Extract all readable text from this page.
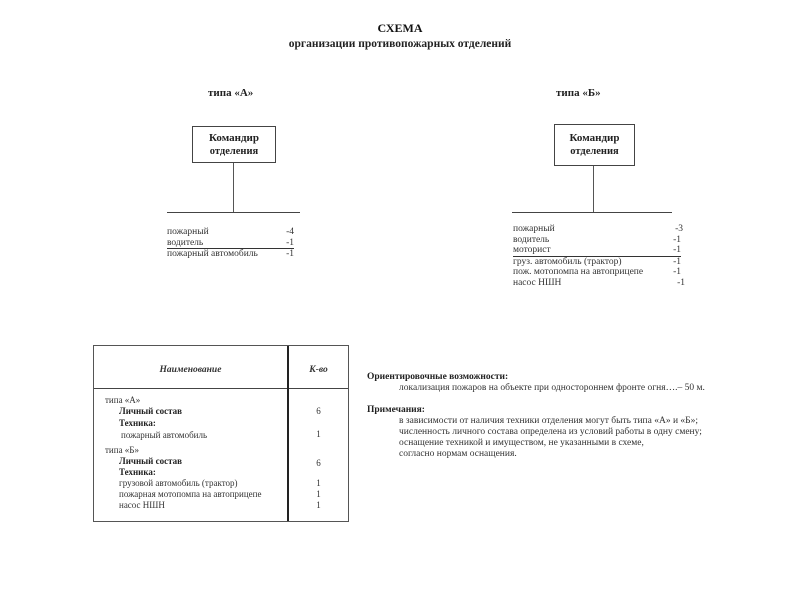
СХЕМА
организации противопожарных отделений
типа «А»
Командир
отделения
пожарный	-4
водитель	-1
пожарный автомобиль	-1
типа «Б»
Командир
отделения
пожарный	-3
водитель	-1
моторист	-1
груз. автомобиль (трактор)	-1
пож. мотопомпа на автоприцепе	-1
насос НШН	-1
Наименование	К-во
типа «А»
Личный состав	6
Техника:
пожарный автомобиль	1
типа «Б»
Личный состав	6
Техника:
грузовой автомобиль (трактор)	1
пожарная мотопомпа на автоприцепе	1
насос НШН	1
Ориентировочные возможности:
локализация пожаров на объекте при одностороннем фронте огня….– 50 м.
Примечания:
в зависимости от наличия техники отделения могут быть типа «А» и «Б»;
численность личного состава определена из условий работы в одну смену;
оснащение техникой и имуществом, не указанными в схеме,
согласно нормам оснащения.
